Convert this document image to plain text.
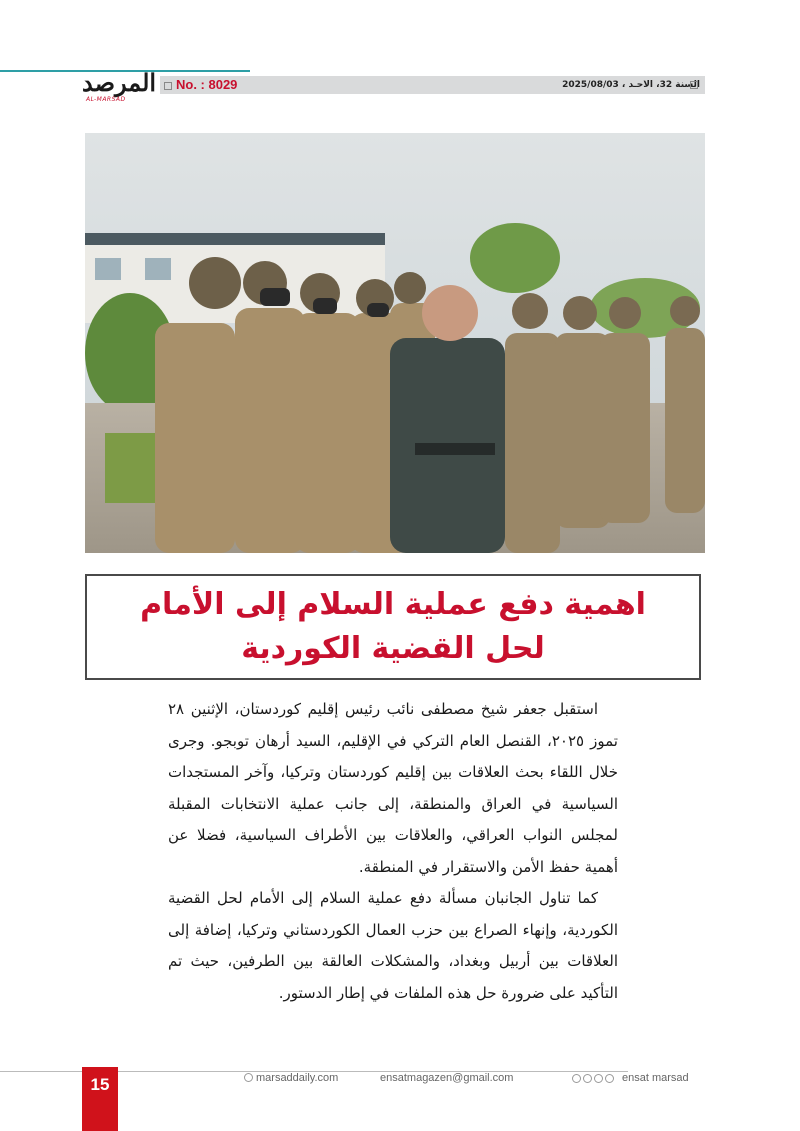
المرصد
AL-MARSAD
No. : 8029	السنة 32، الاحـد ، 2025/08/03
اهمية دفع عملية السلام إلى الأمام
لحل القضية الكوردية

استقبل جعفر شيخ مصطفى نائب رئيس إقليم كوردستان، الإثنين ٢٨ تموز ٢٠٢٥، القنصل العام التركي في الإقليم، السيد أرهان توبجو. وجرى خلال اللقاء بحث العلاقات بين إقليم كوردستان وتركيا، وآخر المستجدات السياسية في العراق والمنطقة، إلى جانب عملية الانتخابات المقبلة لمجلس النواب العراقي، والعلاقات بين الأطراف السياسية، فضلا عن أهمية حفظ الأمن والاستقرار في المنطقة.

كما تناول الجانبان مسألة دفع عملية السلام إلى الأمام لحل القضية الكوردية، وإنهاء الصراع بين حزب العمال الكوردستاني وتركيا، إضافة إلى العلاقات بين أربيل وبغداد، والمشكلات العالقة بين الطرفين، حيث تم التأكيد على ضرورة حل هذه الملفات في إطار الدستور.

15	marsaddaily.com	ensatmagazen@gmail.com	ensat marsad
